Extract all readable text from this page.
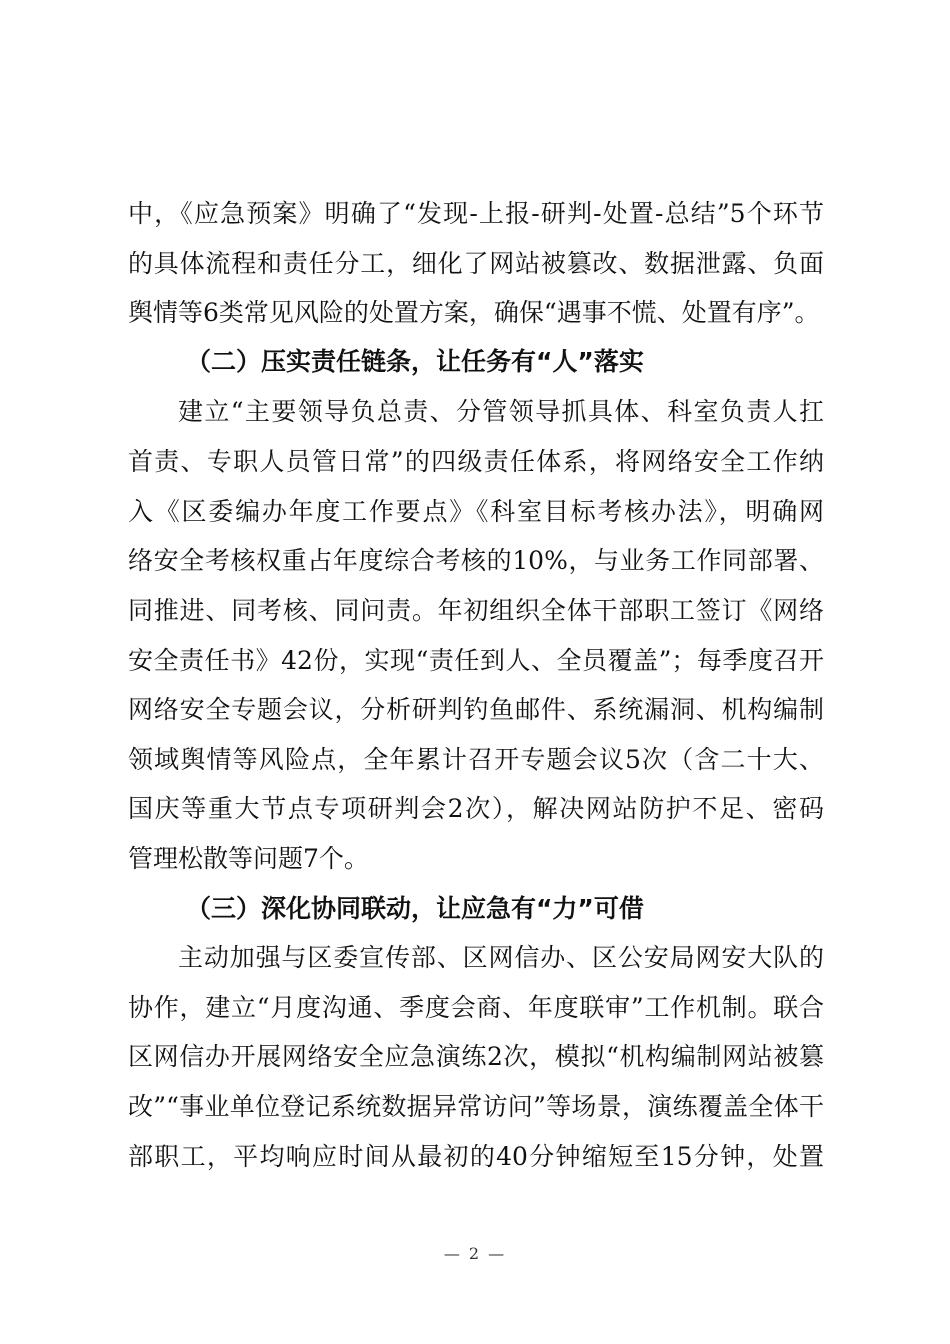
中，《应急预案》明确了“发现-上报-研判-处置-总结”5个环节
的具体流程和责任分工，细化了网站被篡改、数据泄露、负面
舆情等6类常见风险的处置方案，确保“遇事不慌、处置有序”。
（二）压实责任链条，让任务有“人”落实
建立“主要领导负总责、分管领导抓具体、科室负责人扛
首责、专职人员管日常”的四级责任体系，将网络安全工作纳
入《区委编办年度工作要点》《科室目标考核办法》，明确网
络安全考核权重占年度综合考核的10%，与业务工作同部署、
同推进、同考核、同问责。年初组织全体干部职工签订《网络
安全责任书》42份，实现“责任到人、全员覆盖”；每季度召开
网络安全专题会议，分析研判钓鱼邮件、系统漏洞、机构编制
领域舆情等风险点，全年累计召开专题会议5次（含二十大、
国庆等重大节点专项研判会2次），解决网站防护不足、密码
管理松散等问题7个。
（三）深化协同联动，让应急有“力”可借
主动加强与区委宣传部、区网信办、区公安局网安大队的
协作，建立“月度沟通、季度会商、年度联审”工作机制。联合
区网信办开展网络安全应急演练2次，模拟“机构编制网站被篡
改”“事业单位登记系统数据异常访问”等场景，演练覆盖全体干
部职工，平均响应时间从最初的40分钟缩短至15分钟，处置
— 2 —
